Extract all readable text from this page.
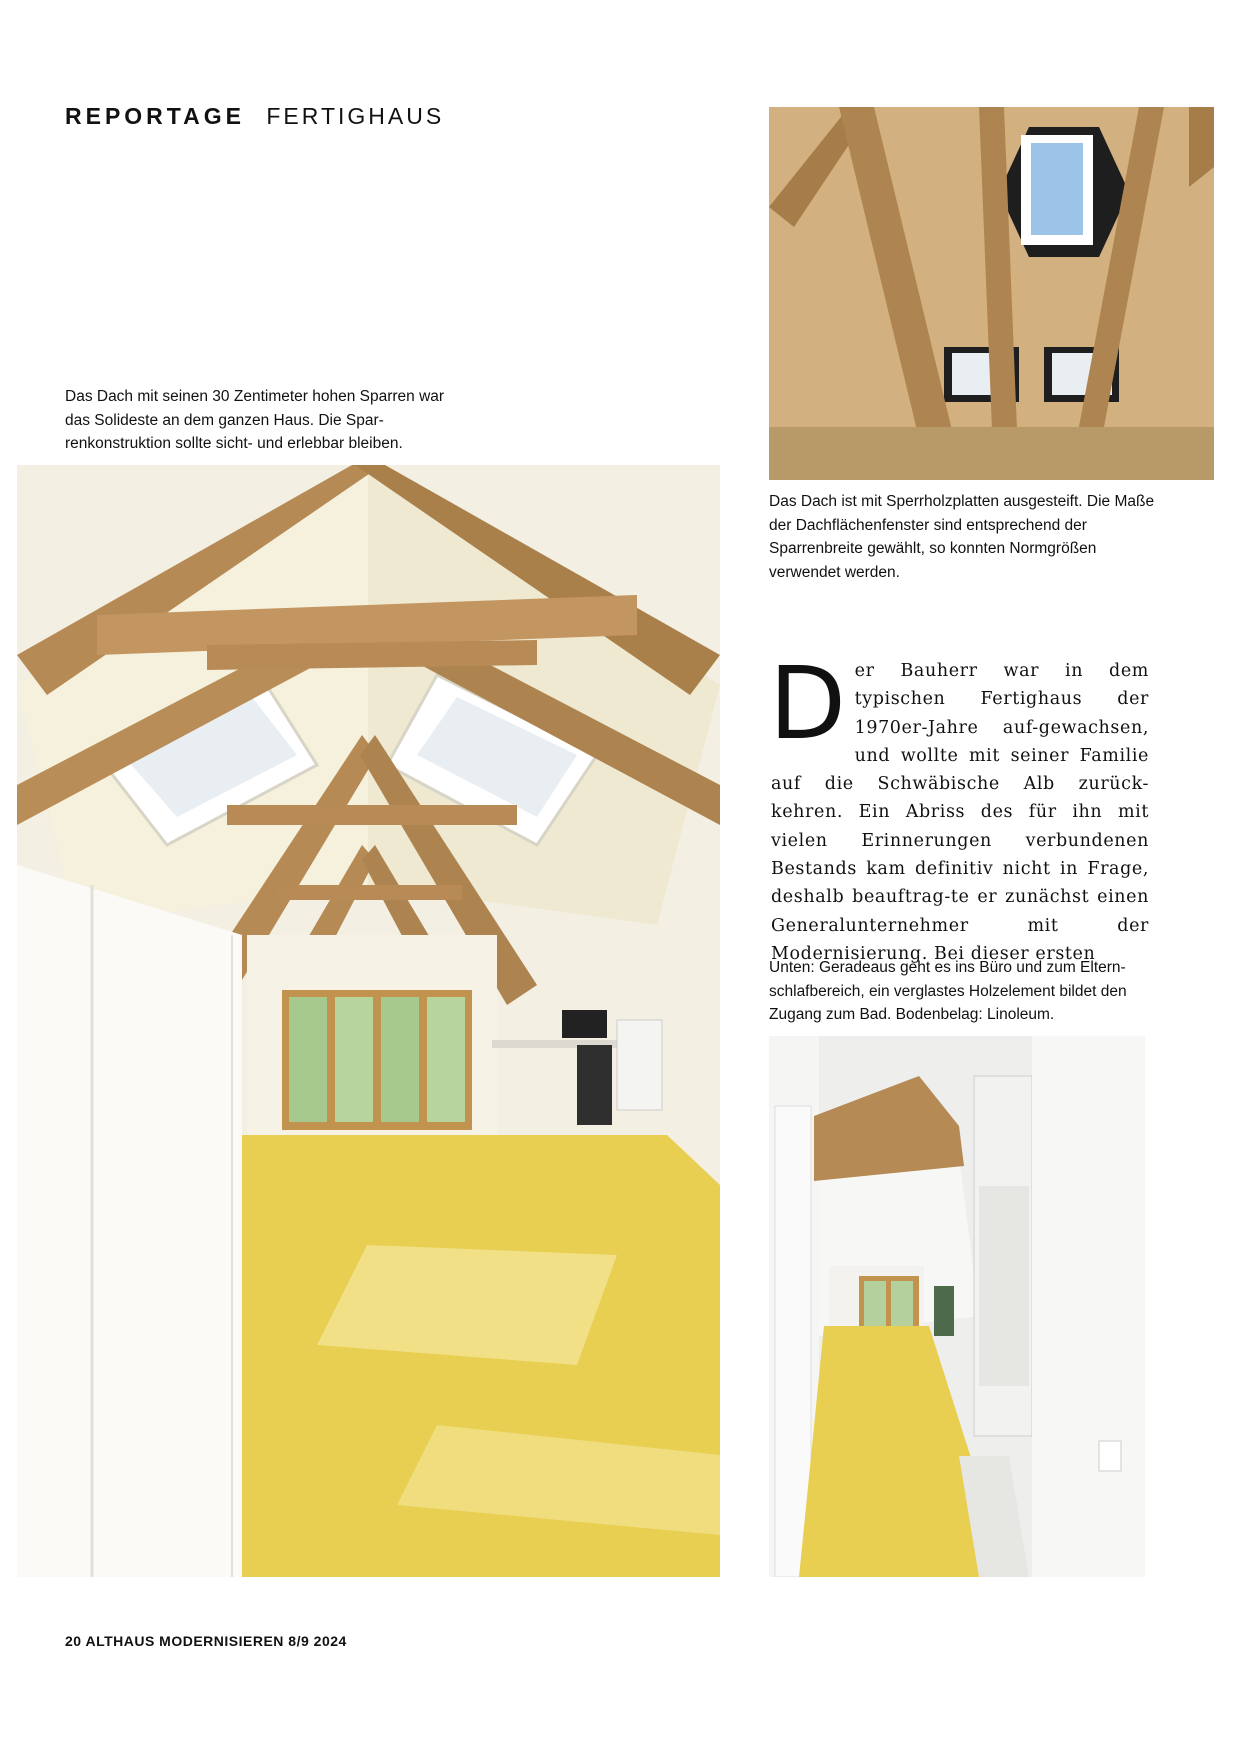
REPORTAGE FERTIGHAUS
Das Dach mit seinen 30 Zentimeter hohen Sparren war das Solideste an dem ganzen Haus. Die Spar-renkonstruktion sollte sicht- und erlebbar bleiben.
Das Dach ist mit Sperrholzplatten ausgesteift. Die Maße der Dachflächenfenster sind entsprechend der Sparrenbreite gewählt, so konnten Normgrößen verwendet werden.
Der Bauherr war in dem typischen Fertighaus der 1970er-Jahre auf-gewachsen, und wollte mit seiner Familie auf die Schwäbische Alb zurück-kehren. Ein Abriss des für ihn mit vielen Erinnerungen verbundenen Bestands kam definitiv nicht in Frage, deshalb beauftrag-te er zunächst einen Generalunternehmer mit der Modernisierung. Bei dieser ersten
Unten: Geradeaus geht es ins Büro und zum Eltern-schlafbereich, ein verglastes Holzelement bildet den Zugang zum Bad. Bodenbelag: Linoleum.
20 ALTHAUS MODERNISIEREN 8/9 2024
